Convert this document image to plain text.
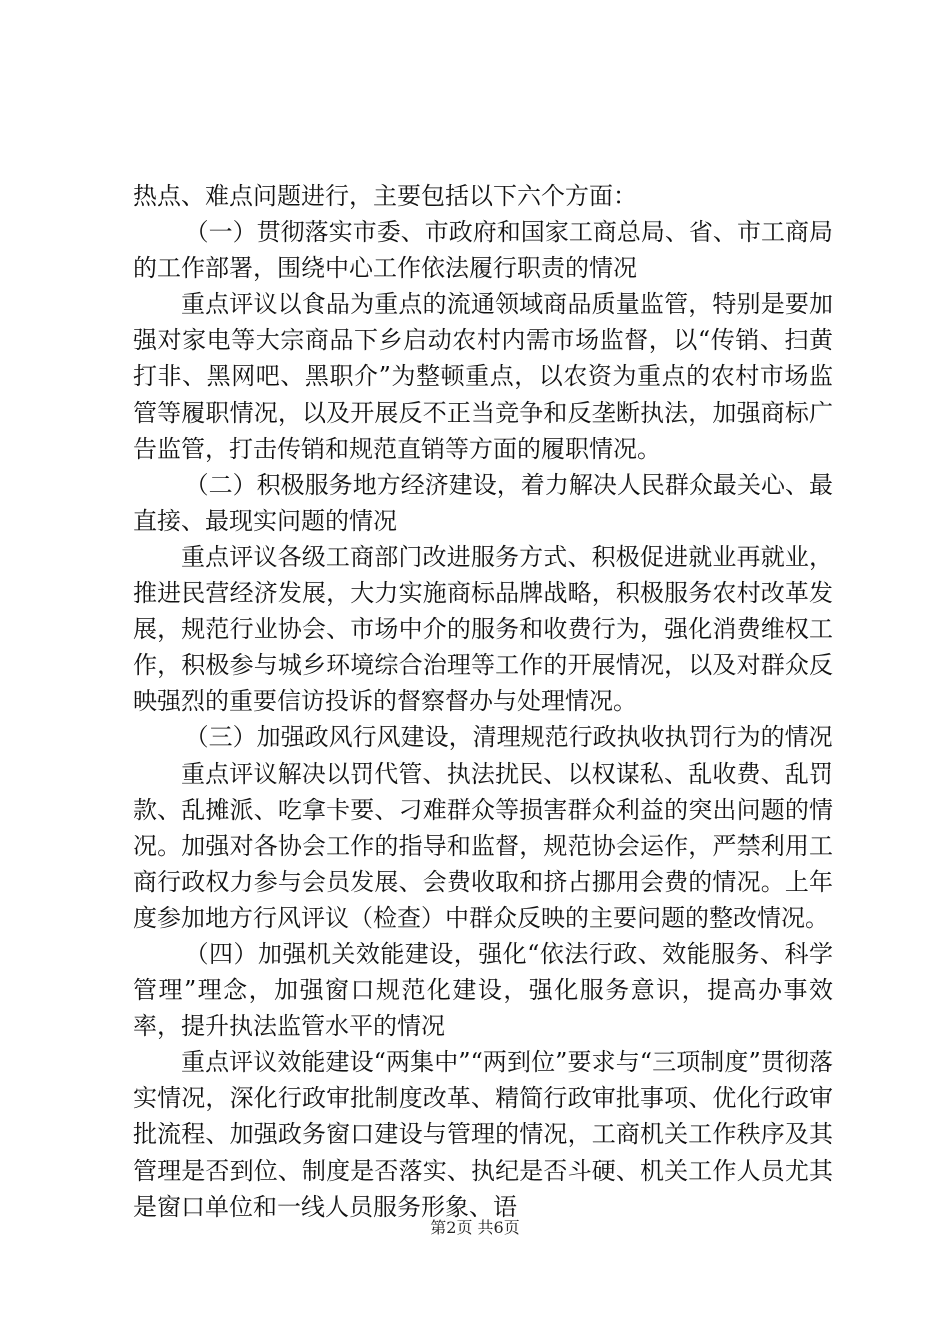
热点、难点问题进行，主要包括以下六个方面：

（一）贯彻落实市委、市政府和国家工商总局、省、市工商局的工作部署，围绕中心工作依法履行职责的情况

重点评议以食品为重点的流通领域商品质量监管，特别是要加强对家电等大宗商品下乡启动农村内需市场监督，以“传销、扫黄打非、黑网吧、黑职介”为整顿重点，以农资为重点的农村市场监管等履职情况，以及开展反不正当竞争和反垄断执法，加强商标广告监管，打击传销和规范直销等方面的履职情况。

（二）积极服务地方经济建设，着力解决人民群众最关心、最直接、最现实问题的情况

重点评议各级工商部门改进服务方式、积极促进就业再就业，推进民营经济发展，大力实施商标品牌战略，积极服务农村改革发展，规范行业协会、市场中介的服务和收费行为，强化消费维权工作，积极参与城乡环境综合治理等工作的开展情况，以及对群众反映强烈的重要信访投诉的督察督办与处理情况。

（三）加强政风行风建设，清理规范行政执收执罚行为的情况

重点评议解决以罚代管、执法扰民、以权谋私、乱收费、乱罚款、乱摊派、吃拿卡要、刁难群众等损害群众利益的突出问题的情况。加强对各协会工作的指导和监督，规范协会运作，严禁利用工商行政权力参与会员发展、会费收取和挤占挪用会费的情况。上年度参加地方行风评议（检查）中群众反映的主要问题的整改情况。

（四）加强机关效能建设，强化“依法行政、效能服务、科学管理”理念，加强窗口规范化建设，强化服务意识，提高办事效率，提升执法监管水平的情况

重点评议效能建设“两集中”“两到位”要求与“三项制度”贯彻落实情况，深化行政审批制度改革、精简行政审批事项、优化行政审批流程、加强政务窗口建设与管理的情况，工商机关工作秩序及其管理是否到位、制度是否落实、执纪是否斗硬、机关工作人员尤其是窗口单位和一线人员服务形象、语

第2页 共6页
